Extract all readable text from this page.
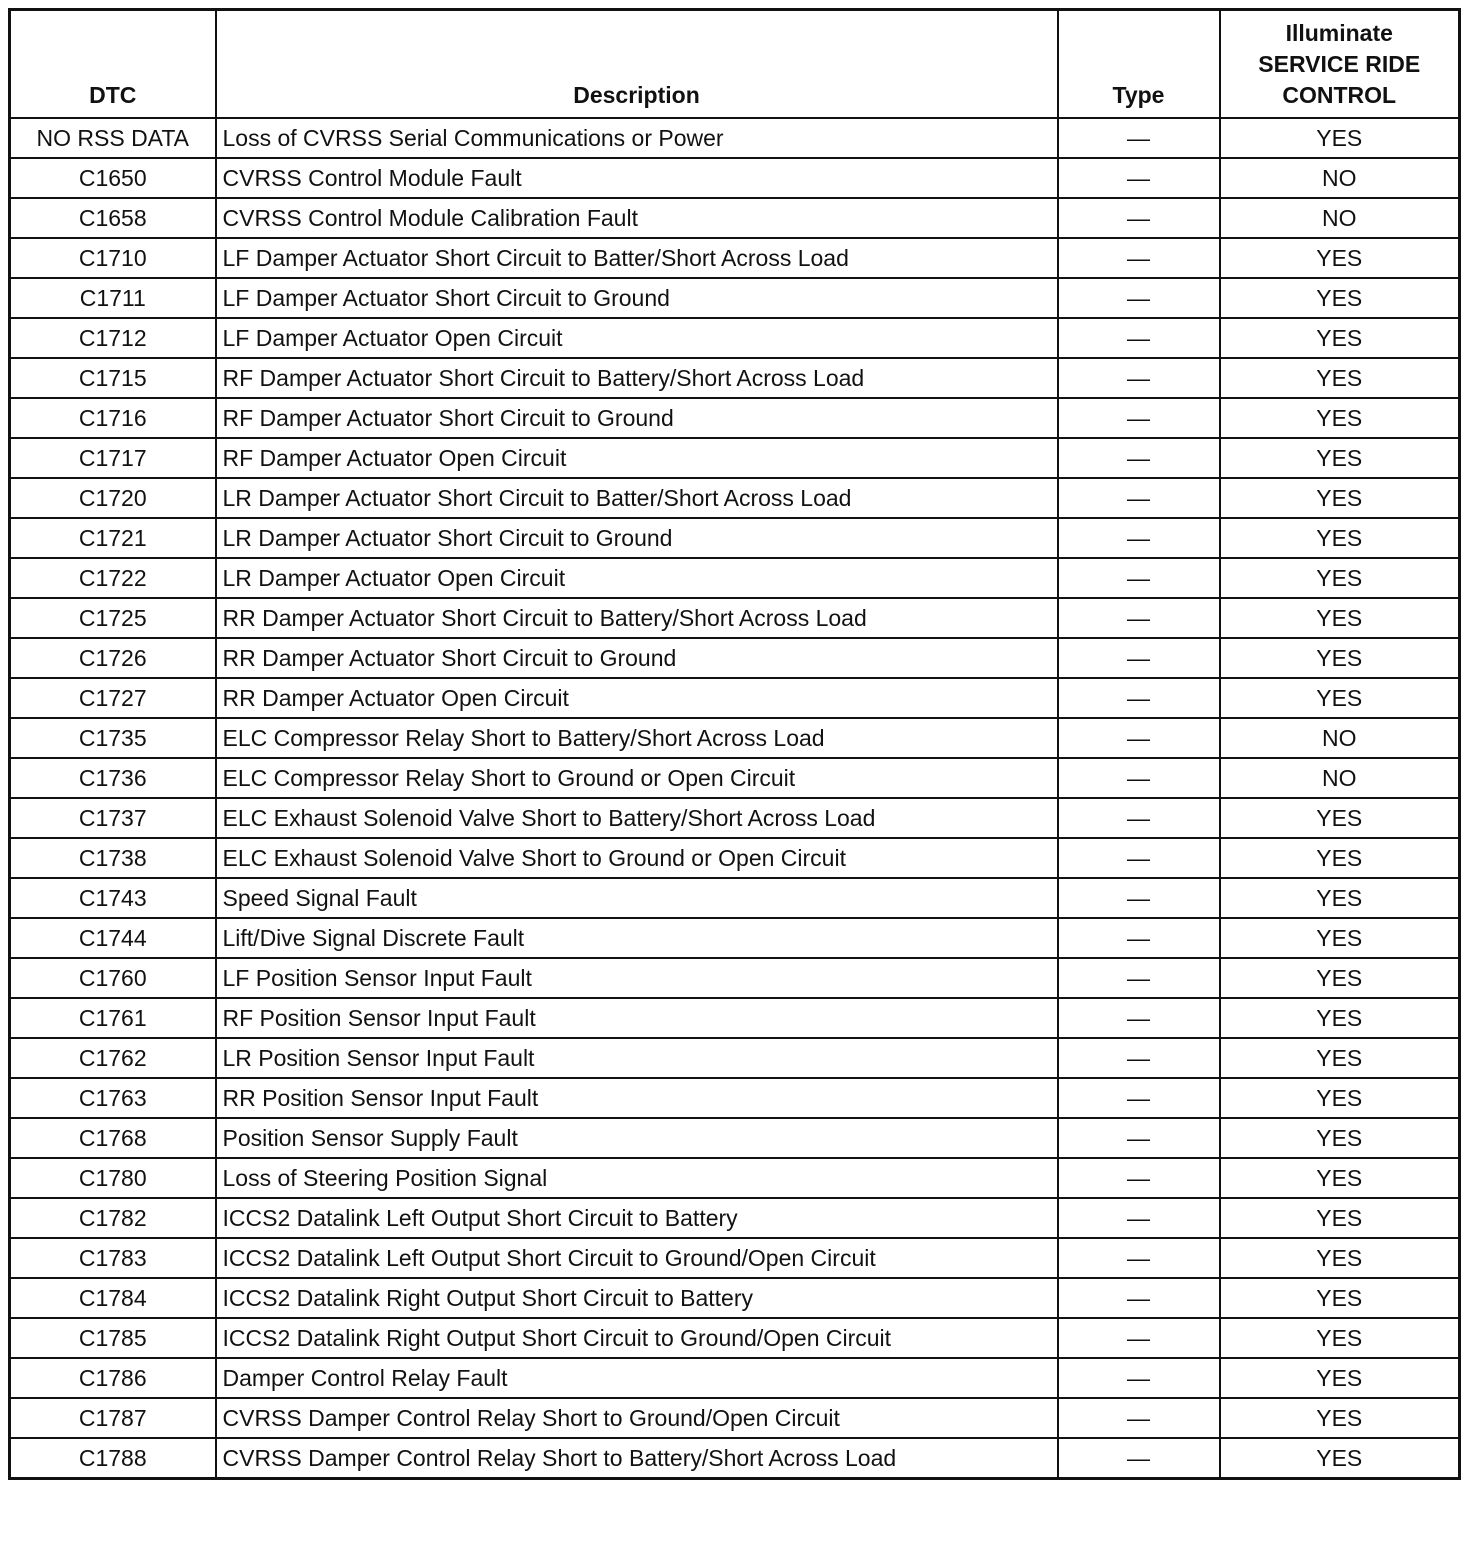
DTC	Description	Type	Illuminate
SERVICE RIDE
CONTROL

NO RSS DATA	Loss of CVRSS Serial Communications or Power	—	YES
C1650	CVRSS Control Module Fault	—	NO
C1658	CVRSS Control Module Calibration Fault	—	NO
C1710	LF Damper Actuator Short Circuit to Batter/Short Across Load	—	YES
C1711	LF Damper Actuator Short Circuit to Ground	—	YES
C1712	LF Damper Actuator Open Circuit	—	YES
C1715	RF Damper Actuator Short Circuit to Battery/Short Across Load	—	YES
C1716	RF Damper Actuator Short Circuit to Ground	—	YES
C1717	RF Damper Actuator Open Circuit	—	YES
C1720	LR Damper Actuator Short Circuit to Batter/Short Across Load	—	YES
C1721	LR Damper Actuator Short Circuit to Ground	—	YES
C1722	LR Damper Actuator Open Circuit	—	YES
C1725	RR Damper Actuator Short Circuit to Battery/Short Across Load	—	YES
C1726	RR Damper Actuator Short Circuit to Ground	—	YES
C1727	RR Damper Actuator Open Circuit	—	YES
C1735	ELC Compressor Relay Short to Battery/Short Across Load	—	NO
C1736	ELC Compressor Relay Short to Ground or Open Circuit	—	NO
C1737	ELC Exhaust Solenoid Valve Short to Battery/Short Across Load	—	YES
C1738	ELC Exhaust Solenoid Valve Short to Ground or Open Circuit	—	YES
C1743	Speed Signal Fault	—	YES
C1744	Lift/Dive Signal Discrete Fault	—	YES
C1760	LF Position Sensor Input Fault	—	YES
C1761	RF Position Sensor Input Fault	—	YES
C1762	LR Position Sensor Input Fault	—	YES
C1763	RR Position Sensor Input Fault	—	YES
C1768	Position Sensor Supply Fault	—	YES
C1780	Loss of Steering Position Signal	—	YES
C1782	ICCS2 Datalink Left Output Short Circuit to Battery	—	YES
C1783	ICCS2 Datalink Left Output Short Circuit to Ground/Open Circuit	—	YES
C1784	ICCS2 Datalink Right Output Short Circuit to Battery	—	YES
C1785	ICCS2 Datalink Right Output Short Circuit to Ground/Open Circuit	—	YES
C1786	Damper Control Relay Fault	—	YES
C1787	CVRSS Damper Control Relay Short to Ground/Open Circuit	—	YES
C1788	CVRSS Damper Control Relay Short to Battery/Short Across Load	—	YES
